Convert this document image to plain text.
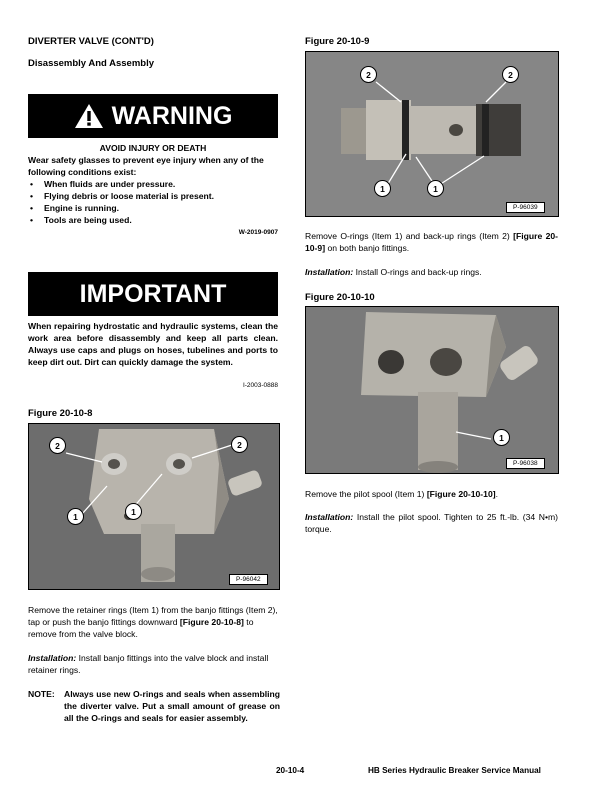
DIVERTER VALVE (CONT'D)
Disassembly And Assembly
WARNING
AVOID INJURY OR DEATH
Wear safety glasses to prevent eye injury when any of the following conditions exist:
• When fluids are under pressure.
• Flying debris or loose material is present.
• Engine is running.
• Tools are being used.
W-2019-0907
IMPORTANT
When repairing hydrostatic and hydraulic systems, clean the work area before disassembly and keep all parts clean. Always use caps and plugs on hoses, tubelines and ports to keep dirt out. Dirt can quickly damage the system.
I-2003-0888
Figure 20-10-8
2	2
1	1
P-96042
Remove the retainer rings (Item 1) from the banjo fittings (Item 2), tap or push the banjo fittings downward [Figure 20-10-8] to remove from the valve block.
Installation: Install banjo fittings into the valve block and install retainer rings.
NOTE: Always use new O-rings and seals when assembling the diverter valve. Put a small amount of grease on all the O-rings and seals for easier assembly.
Figure 20-10-9
2	2
1	1
P-96039
Remove O-rings (Item 1) and back-up rings (Item 2) [Figure 20-10-9] on both banjo fittings.
Installation: Install O-rings and back-up rings.
Figure 20-10-10
1
P-96038
Remove the pilot spool (Item 1) [Figure 20-10-10].
Installation: Install the pilot spool. Tighten to 25 ft.-lb. (34 N•m) torque.
20-10-4	HB Series Hydraulic Breaker Service Manual
